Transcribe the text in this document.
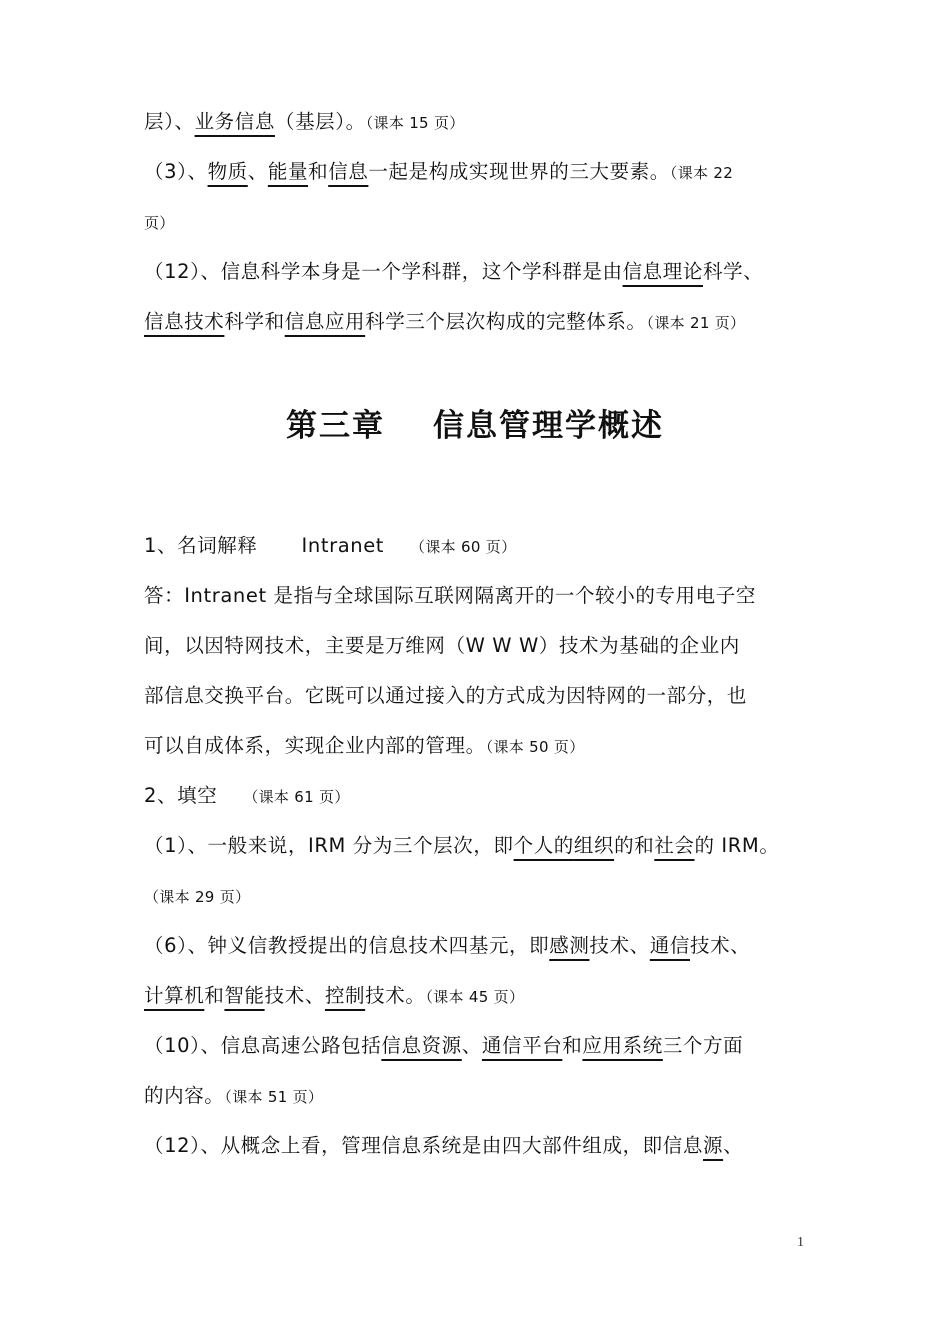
层）、业务信息（基层）。（课本 15 页）
（3）、物质、能量和信息一起是构成实现世界的三大要素。（课本 22
页）
（12）、信息科学本身是一个学科群，这个学科群是由信息理论科学、
信息技术科学和信息应用科学三个层次构成的完整体系。（课本 21 页）
第三章 信息管理学概述
1、名词解释 Intranet （课本 60 页）
答：Intranet 是指与全球国际互联网隔离开的一个较小的专用电子空
间，以因特网技术，主要是万维网（W W W）技术为基础的企业内
部信息交换平台。它既可以通过接入的方式成为因特网的一部分，也
可以自成体系，实现企业内部的管理。（课本 50 页）
2、填空 （课本 61 页）
（1）、一般来说，IRM 分为三个层次，即个人的组织的和社会的 IRM。
（课本 29 页）
（6）、钟义信教授提出的信息技术四基元，即感测技术、通信技术、
计算机和智能技术、控制技术。（课本 45 页）
（10）、信息高速公路包括信息资源、通信平台和应用系统三个方面
的内容。（课本 51 页）
（12）、从概念上看，管理信息系统是由四大部件组成，即信息源、
1
